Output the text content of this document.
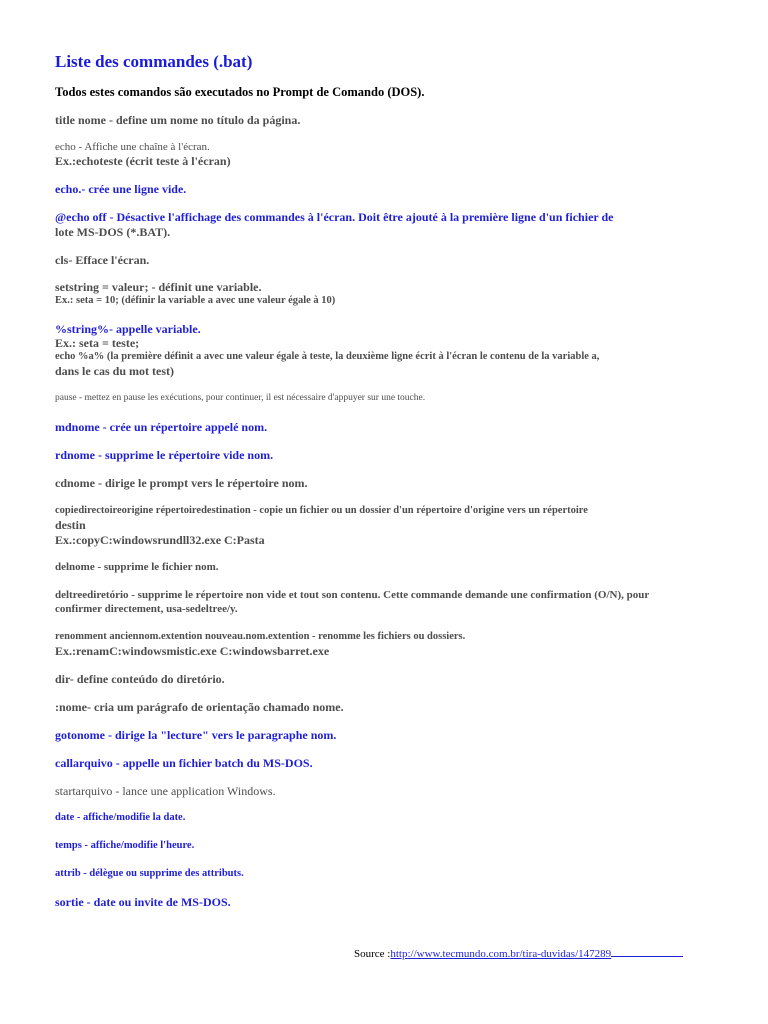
Liste des commandes (.bat)
Todos estes comandos são executados no Prompt de Comando (DOS).
title nome - define um nome no título da página.
echo - Affiche une chaîne à l'écran.
Ex.:echoteste (écrit teste à l'écran)
echo.- crée une ligne vide.
@echo off - Désactive l'affichage des commandes à l'écran. Doit être ajouté à la première ligne d'un fichier de
lote MS-DOS (*.BAT).
cls- Efface l'écran.
setstring = valeur; - définit une variable.
Ex.: seta = 10; (définir la variable a avec une valeur égale à 10)
%string%- appelle variable.
Ex.: seta = teste;
echo %a% (la première définit a avec une valeur égale à teste, la deuxième ligne écrit à l'écran le contenu de la variable a,
dans le cas du mot test)
pause - mettez en pause les exécutions, pour continuer, il est nécessaire d'appuyer sur une touche.
mdnome - crée un répertoire appelé nom.
rdnome - supprime le répertoire vide nom.
cdnome - dirige le prompt vers le répertoire nom.
copiedirectoireorigine répertoiredestination - copie un fichier ou un dossier d'un répertoire d'origine vers un répertoire
destin
Ex.:copyC:windowsrundll32.exe C:Pasta
delnome - supprime le fichier nom.
deltreediretório - supprime le répertoire non vide et tout son contenu. Cette commande demande une confirmation (O/N), pour
confirmer directement, usa-sedeltree/y.
renomment anciennom.extention nouveau.nom.extention - renomme les fichiers ou dossiers.
Ex.:renamC:windowsmistic.exe C:windowsbarret.exe
dir- define conteúdo do diretório.
:nome- cria um parágrafo de orientação chamado nome.
gotonome - dirige la "lecture" vers le paragraphe nom.
callarquivo - appelle un fichier batch du MS-DOS.
startarquivo - lance une application Windows.
date - affiche/modifie la date.
temps - affiche/modifie l'heure.
attrib - délègue ou supprime des attributs.
sortie - date ou invite de MS-DOS.
Source :http://www.tecmundo.com.br/tira-duvidas/147289
